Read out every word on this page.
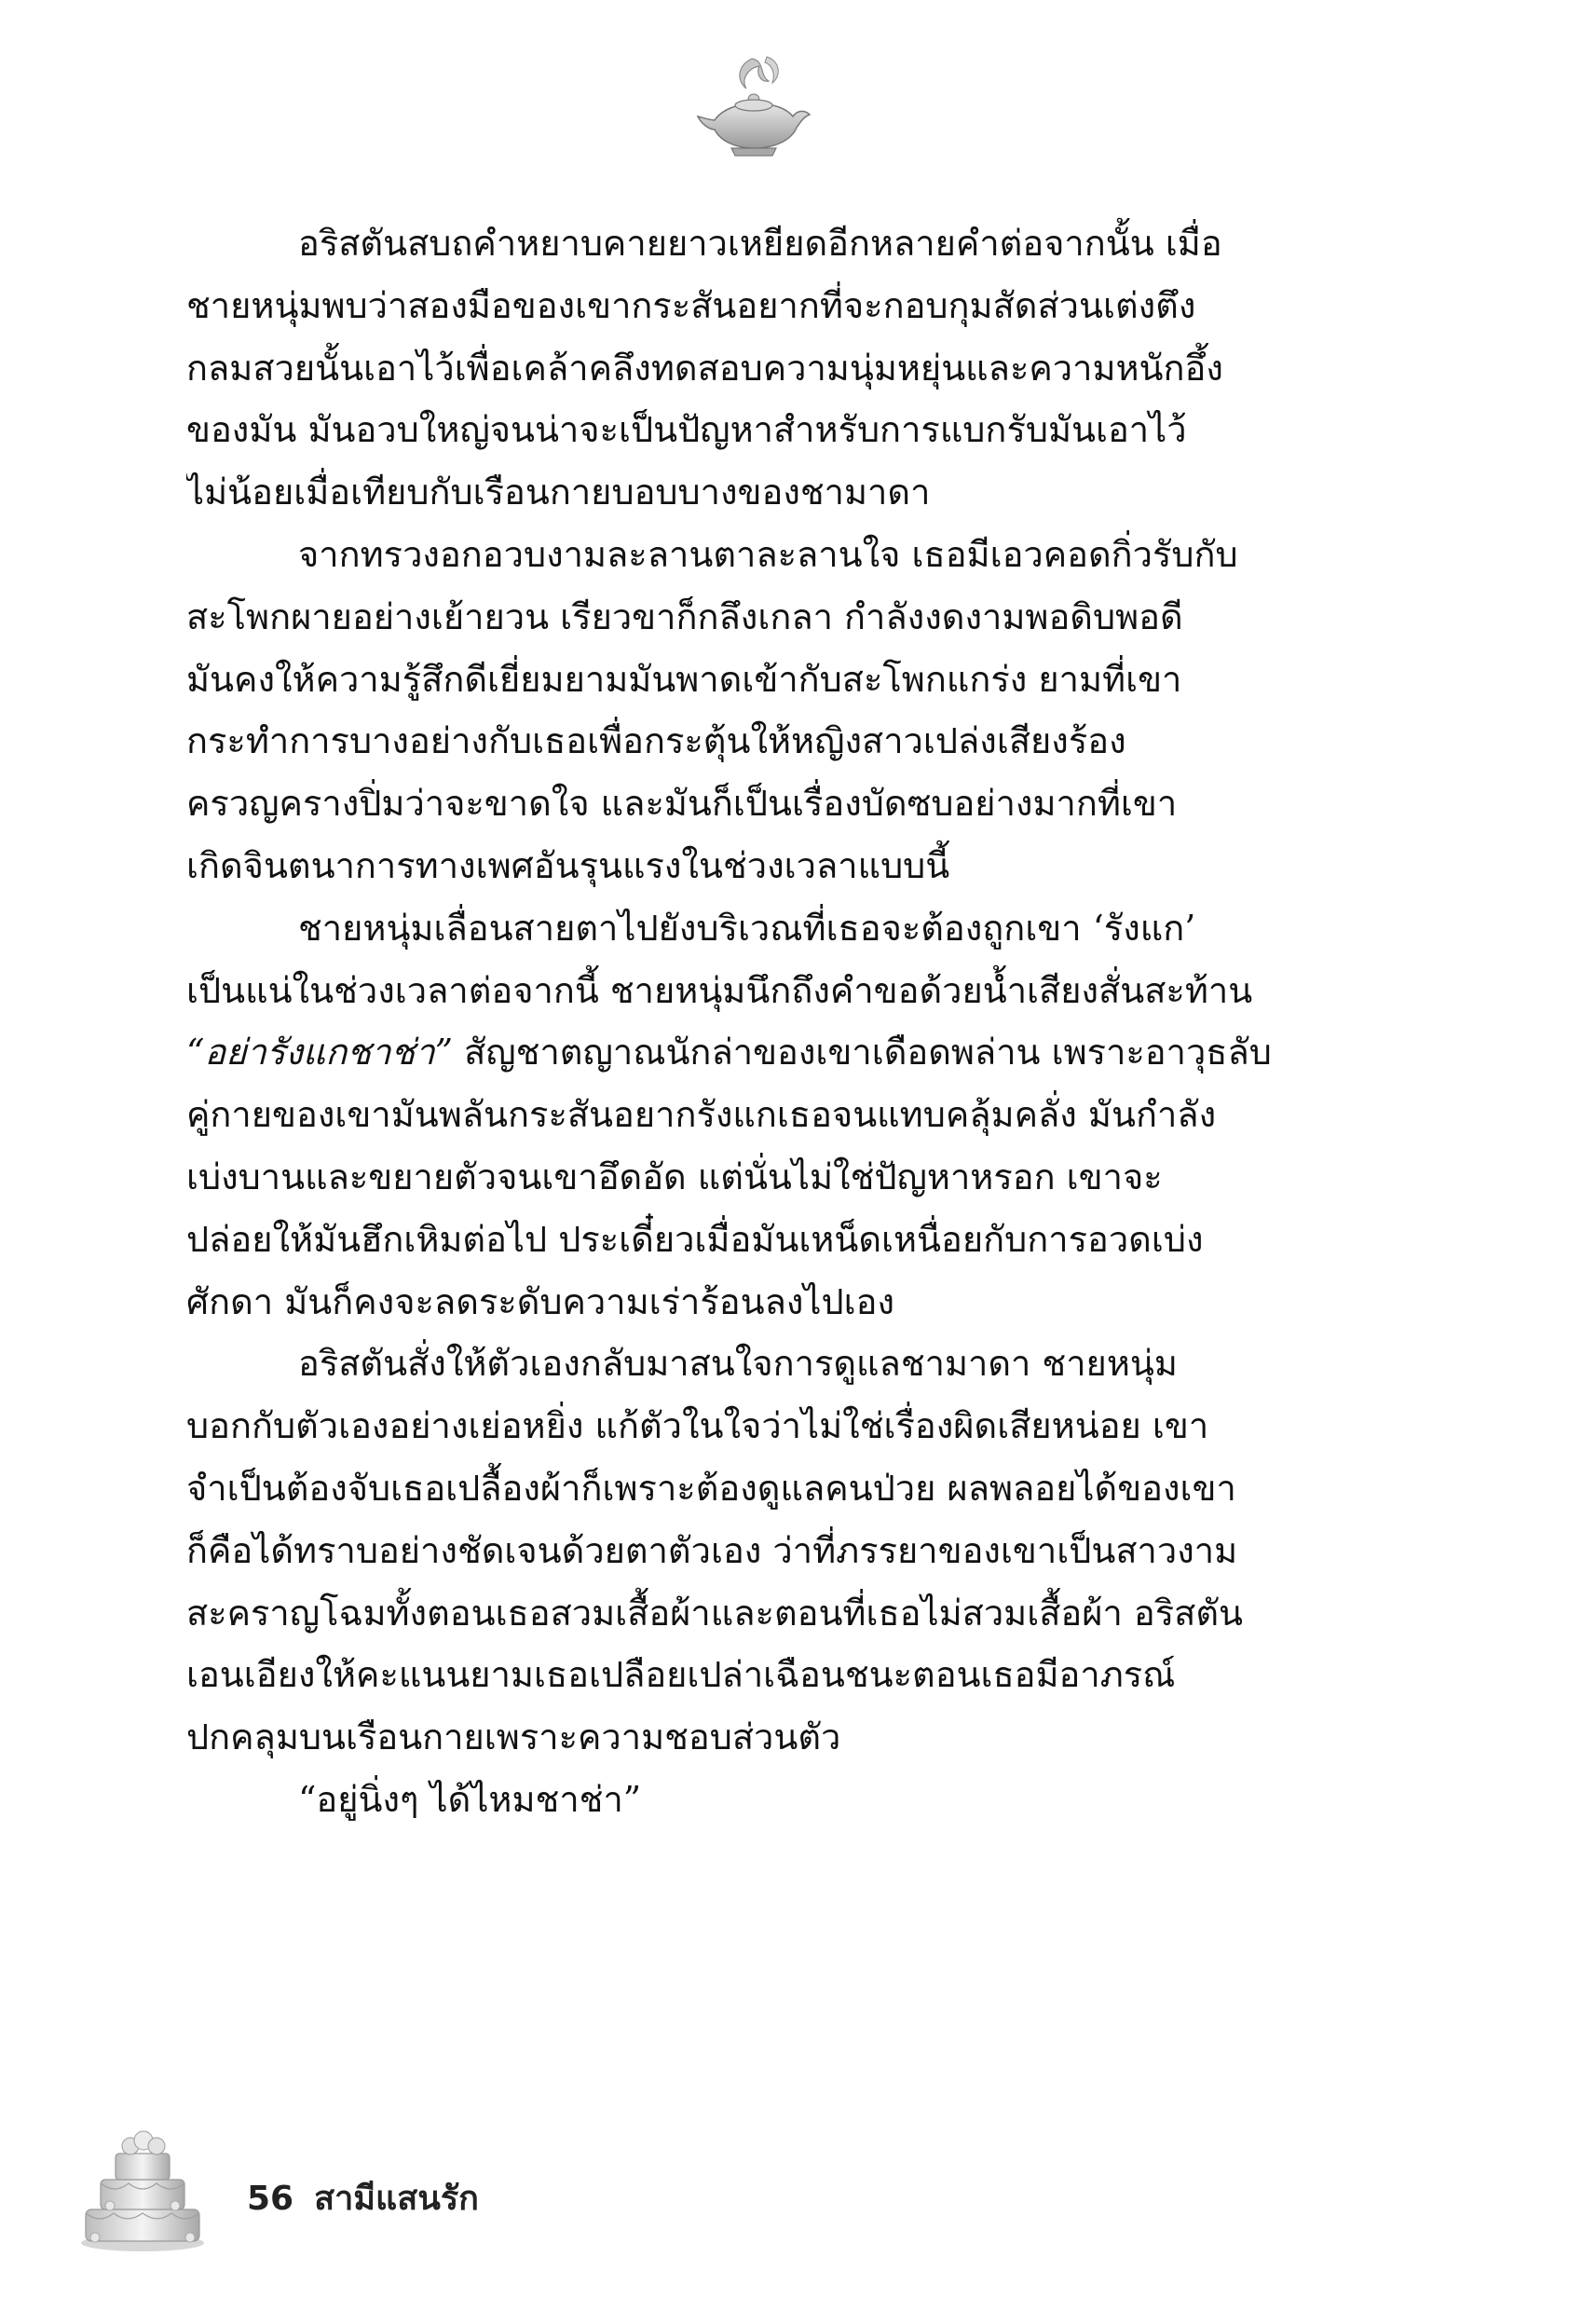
อริสตันสบถคำหยาบคายยาวเหยียดอีกหลายคำต่อจากนั้น เมื่อ
ชายหนุ่มพบว่าสองมือของเขากระสันอยากที่จะกอบกุมสัดส่วนเต่งตึง
กลมสวยนั้นเอาไว้เพื่อเคล้าคลึงทดสอบความนุ่มหยุ่นและความหนักอึ้ง
ของมัน มันอวบใหญ่จนน่าจะเป็นปัญหาสำหรับการแบกรับมันเอาไว้
ไม่น้อยเมื่อเทียบกับเรือนกายบอบบางของชามาดา
จากทรวงอกอวบงามละลานตาละลานใจ เธอมีเอวคอดกิ่วรับกับ
สะโพกผายอย่างเย้ายวน เรียวขาก็กลึงเกลา กำลังงดงามพอดิบพอดี
มันคงให้ความรู้สึกดีเยี่ยมยามมันพาดเข้ากับสะโพกแกร่ง ยามที่เขา
กระทำการบางอย่างกับเธอเพื่อกระตุ้นให้หญิงสาวเปล่งเสียงร้อง
ครวญครางปิ่มว่าจะขาดใจ และมันก็เป็นเรื่องบัดซบอย่างมากที่เขา
เกิดจินตนาการทางเพศอันรุนแรงในช่วงเวลาแบบนี้
ชายหนุ่มเลื่อนสายตาไปยังบริเวณที่เธอจะต้องถูกเขา ‘รังแก’
เป็นแน่ในช่วงเวลาต่อจากนี้ ชายหนุ่มนึกถึงคำขอด้วยน้ำเสียงสั่นสะท้าน
“อย่ารังแกชาช่า” สัญชาตญาณนักล่าของเขาเดือดพล่าน เพราะอาวุธลับ
คู่กายของเขามันพลันกระสันอยากรังแกเธอจนแทบคลุ้มคลั่ง มันกำลัง
เบ่งบานและขยายตัวจนเขาอึดอัด แต่นั่นไม่ใช่ปัญหาหรอก เขาจะ
ปล่อยให้มันฮึกเหิมต่อไป ประเดี๋ยวเมื่อมันเหน็ดเหนื่อยกับการอวดเบ่ง
ศักดา มันก็คงจะลดระดับความเร่าร้อนลงไปเอง
อริสตันสั่งให้ตัวเองกลับมาสนใจการดูแลชามาดา ชายหนุ่ม
บอกกับตัวเองอย่างเย่อหยิ่ง แก้ตัวในใจว่าไม่ใช่เรื่องผิดเสียหน่อย เขา
จำเป็นต้องจับเธอเปลื้องผ้าก็เพราะต้องดูแลคนป่วย ผลพลอยได้ของเขา
ก็คือได้ทราบอย่างชัดเจนด้วยตาตัวเอง ว่าที่ภรรยาของเขาเป็นสาวงาม
สะคราญโฉมทั้งตอนเธอสวมเสื้อผ้าและตอนที่เธอไม่สวมเสื้อผ้า อริสตัน
เอนเอียงให้คะแนนยามเธอเปลือยเปล่าเฉือนชนะตอนเธอมีอาภรณ์
ปกคลุมบนเรือนกายเพราะความชอบส่วนตัว
“อยู่นิ่งๆ ได้ไหมชาช่า”
56 สามีแสนรัก
